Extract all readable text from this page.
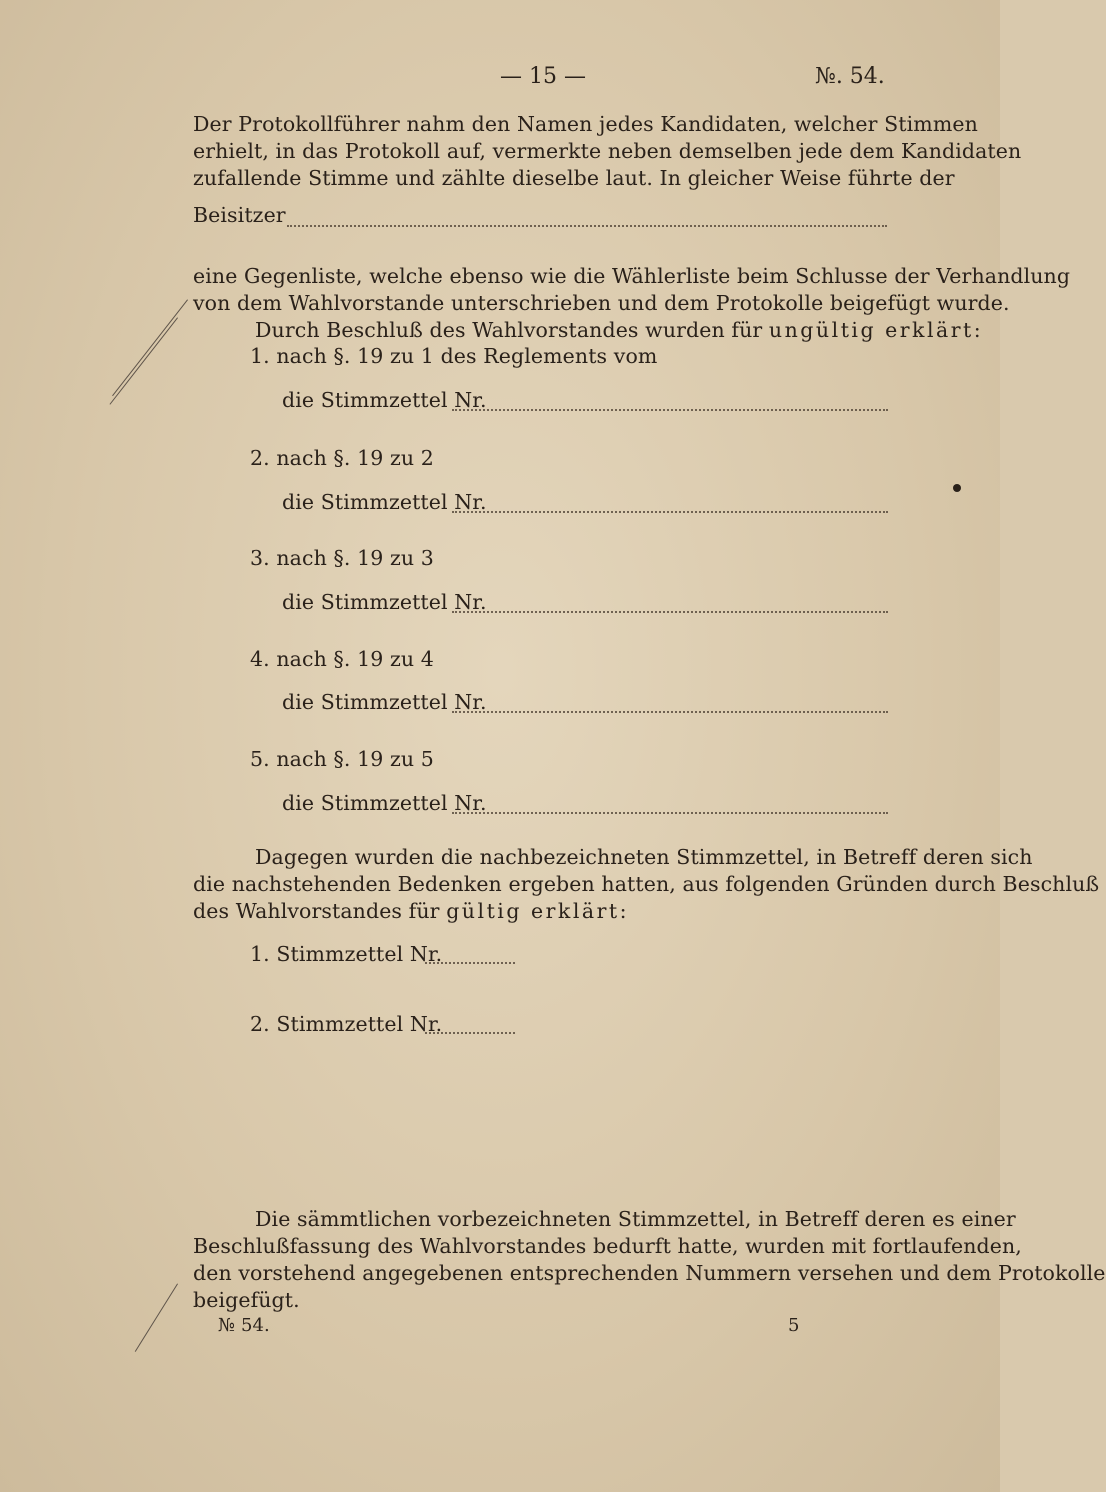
— 15 —	№. 54.
Der Protokollführer nahm den Namen jedes Kandidaten, welcher Stimmen
erhielt, in das Protokoll auf, vermerkte neben demselben jede dem Kandidaten
zufallende Stimme und zählte dieselbe laut. In gleicher Weise führte der
Beisitzer
eine Gegenliste, welche ebenso wie die Wählerliste beim Schlusse der Verhandlung
von dem Wahlvorstande unterschrieben und dem Protokolle beigefügt wurde.
Durch Beschluß des Wahlvorstandes wurden für ungültig erklärt:
1. nach §. 19 zu 1 des Reglements vom
die Stimmzettel Nr.
2. nach §. 19 zu 2
die Stimmzettel Nr.
3. nach §. 19 zu 3
die Stimmzettel Nr.
4. nach §. 19 zu 4
die Stimmzettel Nr.
5. nach §. 19 zu 5
die Stimmzettel Nr.
Dagegen wurden die nachbezeichneten Stimmzettel, in Betreff deren sich
die nachstehenden Bedenken ergeben hatten, aus folgenden Gründen durch Beschluß
des Wahlvorstandes für gültig erklärt:
1. Stimmzettel Nr.
2. Stimmzettel Nr.
Die sämmtlichen vorbezeichneten Stimmzettel, in Betreff deren es einer
Beschlußfassung des Wahlvorstandes bedurft hatte, wurden mit fortlaufenden,
den vorstehend angegebenen entsprechenden Nummern versehen und dem Protokolle
beigefügt.
№ 54.	5
